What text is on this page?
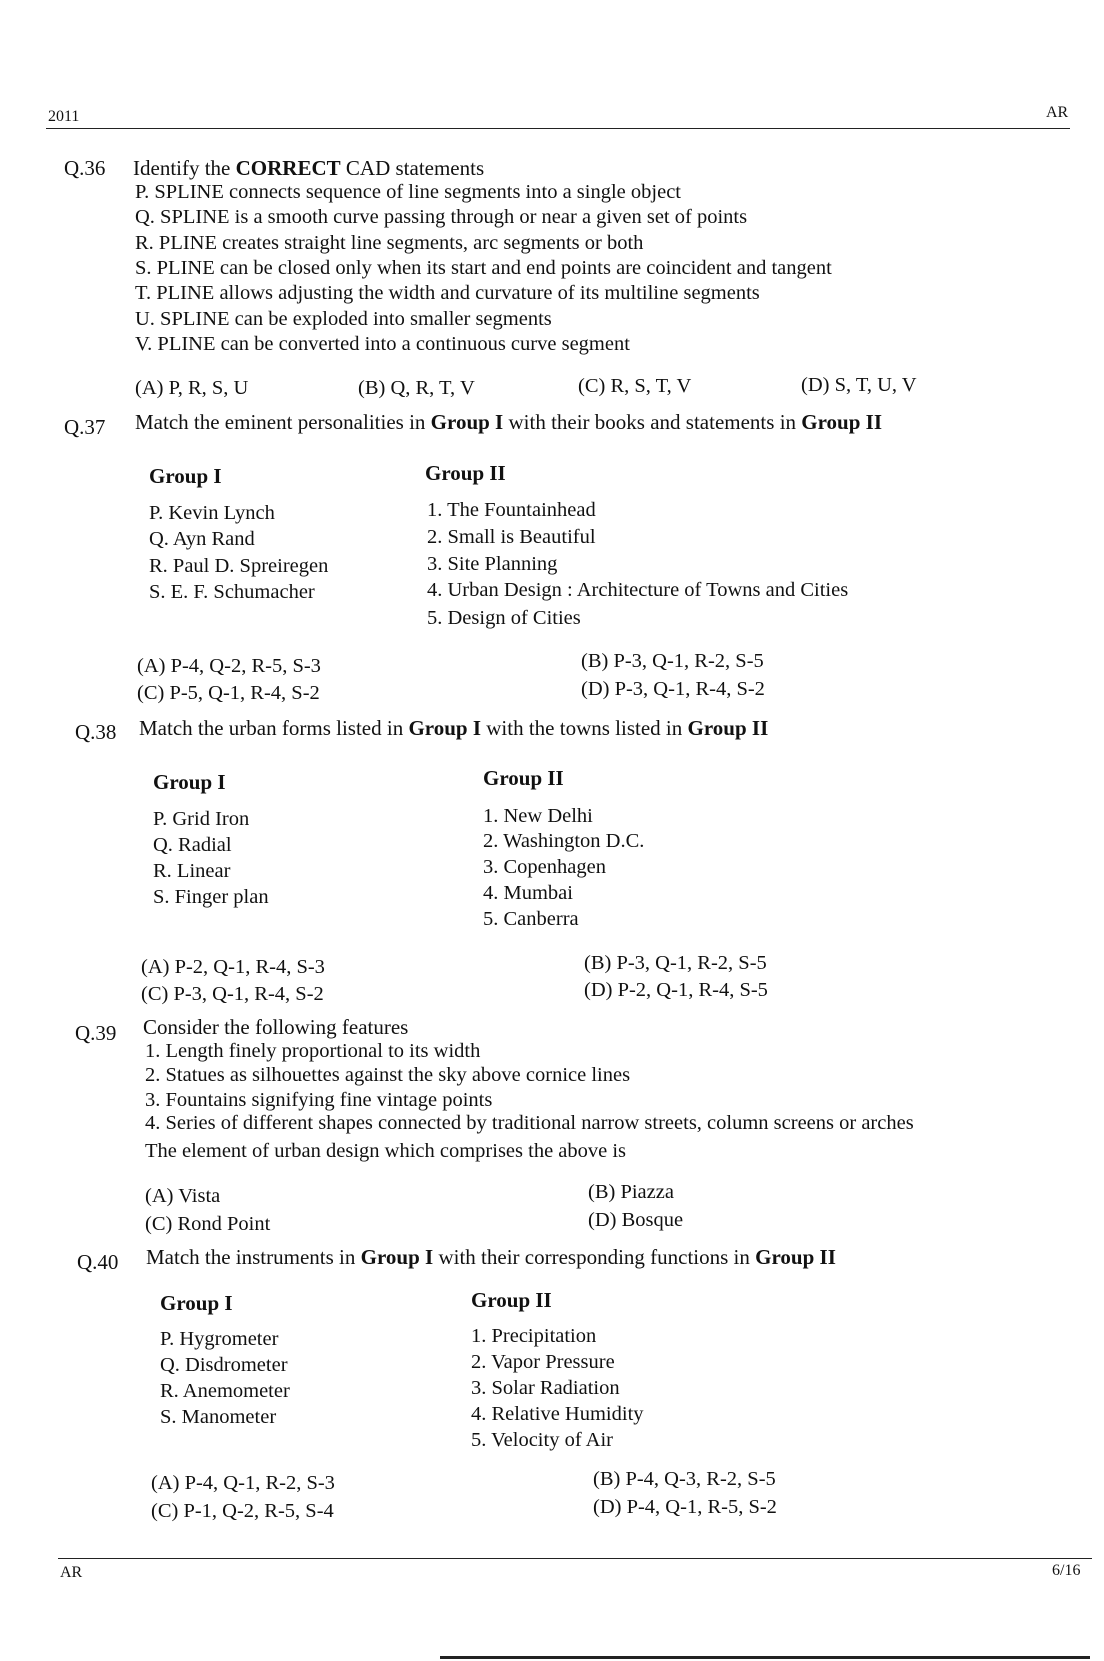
2011	AR
Q.36 Identify the CORRECT CAD statements
P. SPLINE connects sequence of line segments into a single object
Q. SPLINE is a smooth curve passing through or near a given set of points
R. PLINE creates straight line segments, arc segments or both
S. PLINE can be closed only when its start and end points are coincident and tangent
T. PLINE allows adjusting the width and curvature of its multiline segments
U. SPLINE can be exploded into smaller segments
V. PLINE can be converted into a continuous curve segment
(A) P, R, S, U	(B) Q, R, T, V	(C) R, S, T, V	(D) S, T, U, V
Q.37 Match the eminent personalities in Group I with their books and statements in Group II
Group I	Group II
P. Kevin Lynch
Q. Ayn Rand
R. Paul D. Spreiregen
S. E. F. Schumacher
1. The Fountainhead
2. Small is Beautiful
3. Site Planning
4. Urban Design : Architecture of Towns and Cities
5. Design of Cities
(A) P-4, Q-2, R-5, S-3	(B) P-3, Q-1, R-2, S-5
(C) P-5, Q-1, R-4, S-2	(D) P-3, Q-1, R-4, S-2
Q.38 Match the urban forms listed in Group I with the towns listed in Group II
Group I	Group II
P. Grid Iron
Q. Radial
R. Linear
S. Finger plan
1. New Delhi
2. Washington D.C.
3. Copenhagen
4. Mumbai
5. Canberra
(A) P-2, Q-1, R-4, S-3	(B) P-3, Q-1, R-2, S-5
(C) P-3, Q-1, R-4, S-2	(D) P-2, Q-1, R-4, S-5
Q.39 Consider the following features
1. Length finely proportional to its width
2. Statues as silhouettes against the sky above cornice lines
3. Fountains signifying fine vintage points
4. Series of different shapes connected by traditional narrow streets, column screens or arches
The element of urban design which comprises the above is
(A) Vista	(B) Piazza
(C) Rond Point	(D) Bosque
Q.40 Match the instruments in Group I with their corresponding functions in Group II
Group I	Group II
P. Hygrometer
Q. Disdrometer
R. Anemometer
S. Manometer
1. Precipitation
2. Vapor Pressure
3. Solar Radiation
4. Relative Humidity
5. Velocity of Air
(A) P-4, Q-1, R-2, S-3	(B) P-4, Q-3, R-2, S-5
(C) P-1, Q-2, R-5, S-4	(D) P-4, Q-1, R-5, S-2
AR	6/16
